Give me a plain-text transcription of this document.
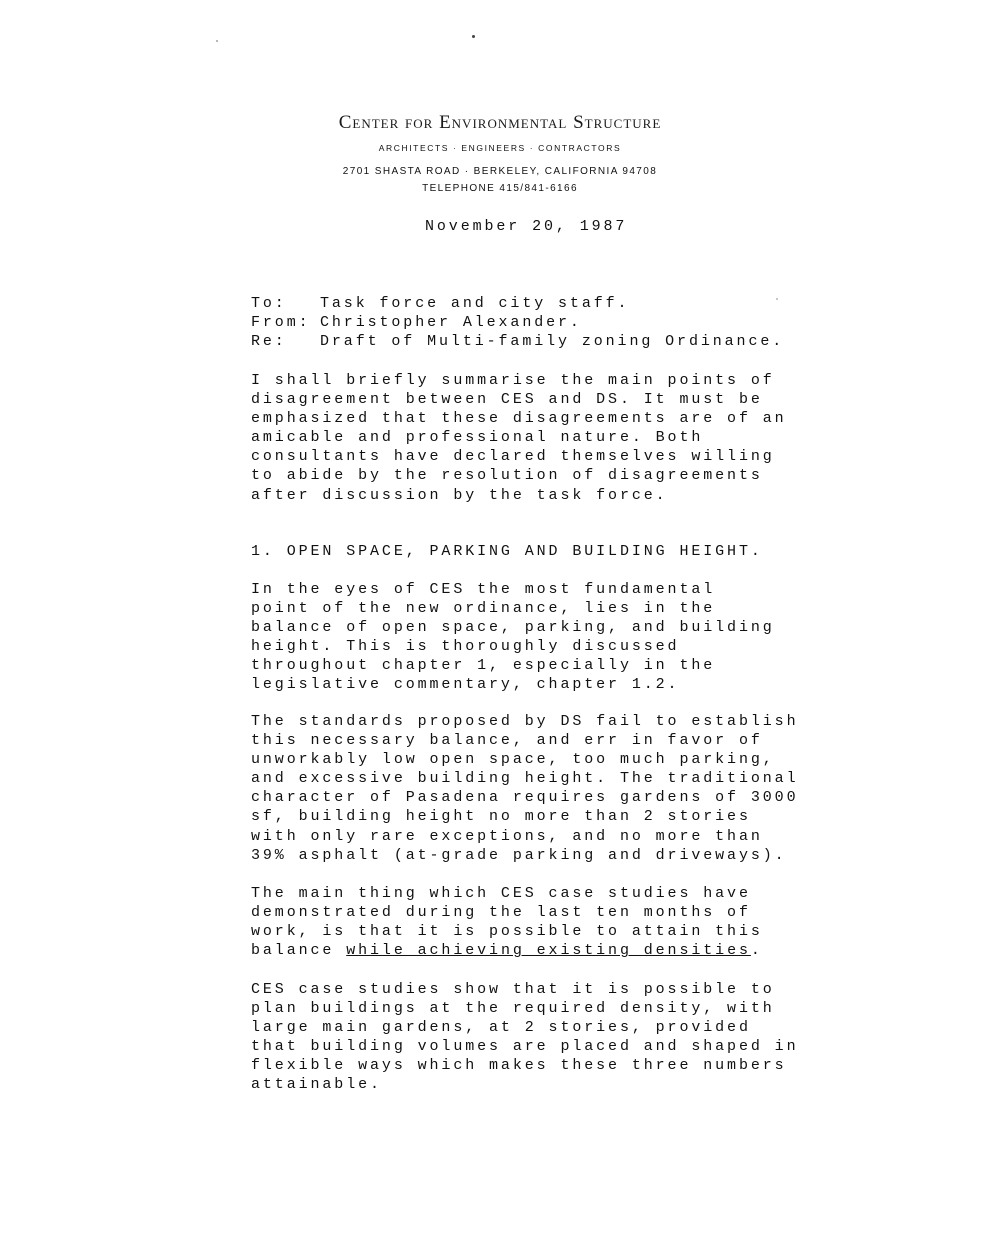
Center for Environmental Structure
ARCHITECTS · ENGINEERS · CONTRACTORS
2701 SHASTA ROAD · BERKELEY, CALIFORNIA 94708
TELEPHONE 415/841-6166
November 20, 1987
To:	Task force and city staff.
From: Christopher Alexander.
Re:	Draft of Multi-family zoning Ordinance.
I shall briefly summarise the main points of
disagreement between CES and DS. It must be
emphasized that these disagreements are of an
amicable and professional nature. Both
consultants have declared themselves willing
to abide by the resolution of disagreements
after discussion by the task force.
1. OPEN SPACE, PARKING AND BUILDING HEIGHT.
In the eyes of CES the most fundamental
point of the new ordinance, lies in the
balance of open space, parking, and building
height. This is thoroughly discussed
throughout chapter 1, especially in the
legislative commentary, chapter 1.2.
The standards proposed by DS fail to establish
this necessary balance, and err in favor of
unworkably low open space, too much parking,
and excessive building height. The traditional
character of Pasadena requires gardens of 3000
sf, building height no more than 2 stories
with only rare exceptions, and no more than
39% asphalt (at-grade parking and driveways).
The main thing which CES case studies have
demonstrated during the last ten months of
work, is that it is possible to attain this
balance while achieving existing densities.
CES case studies show that it is possible to
plan buildings at the required density, with
large main gardens, at 2 stories, provided
that building volumes are placed and shaped in
flexible ways which makes these three numbers
attainable.
